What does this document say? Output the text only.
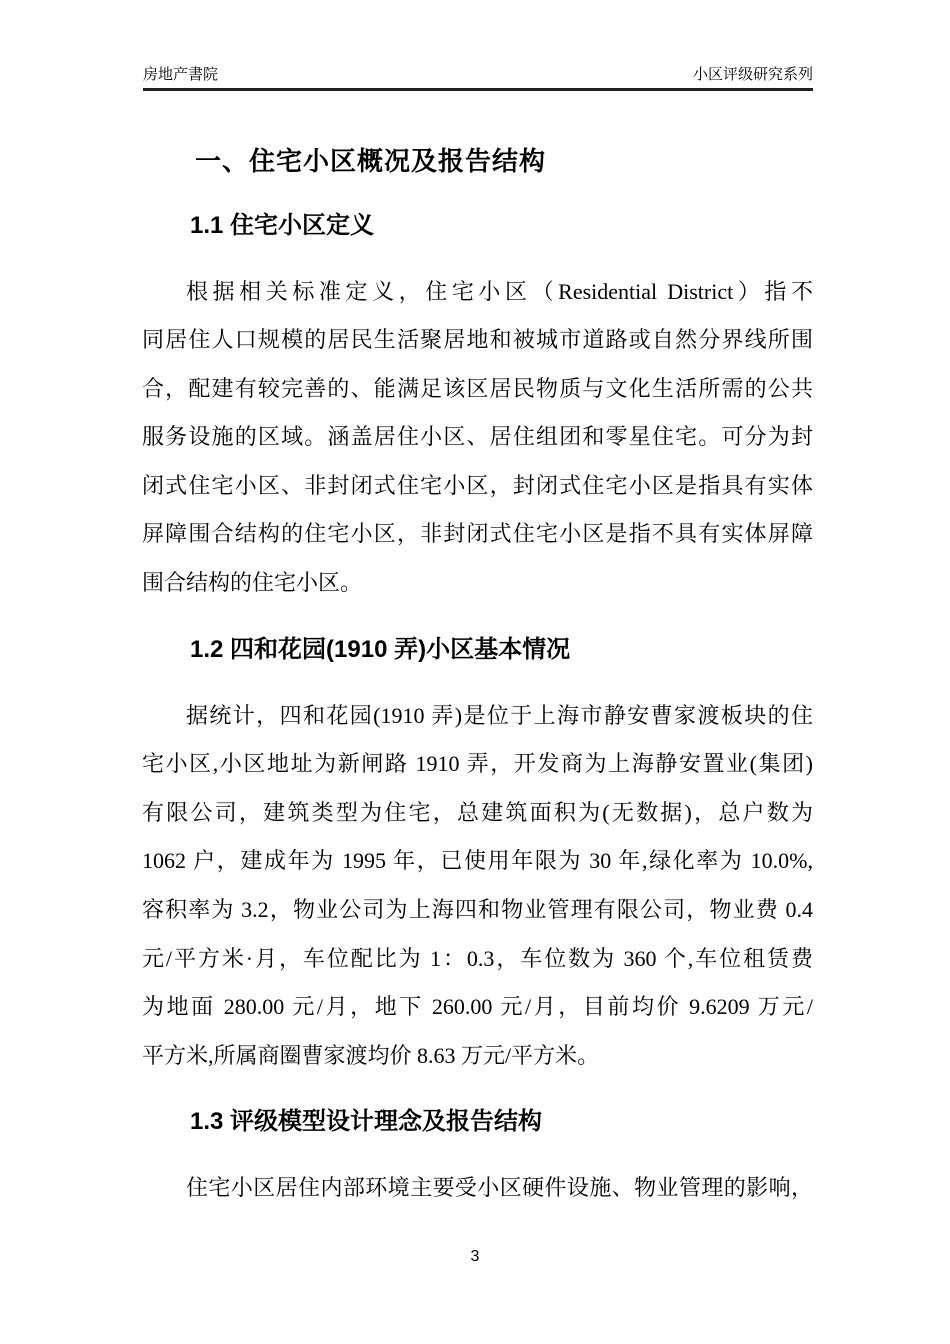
房地产書院	小区评级研究系列
一、住宅小区概况及报告结构
1.1 住宅小区定义
根据相关标准定义，住宅小区（Residential District）指不
同居住人口规模的居民生活聚居地和被城市道路或自然分界线所围
合，配建有较完善的、能满足该区居民物质与文化生活所需的公共
服务设施的区域。涵盖居住小区、居住组团和零星住宅。可分为封
闭式住宅小区、非封闭式住宅小区，封闭式住宅小区是指具有实体
屏障围合结构的住宅小区，非封闭式住宅小区是指不具有实体屏障
围合结构的住宅小区。
1.2 四和花园(1910 弄)小区基本情况
据统计，四和花园(1910 弄)是位于上海市静安曹家渡板块的住
宅小区,小区地址为新闸路 1910 弄，开发商为上海静安置业(集团)
有限公司，建筑类型为住宅，总建筑面积为(无数据)，总户数为
1062 户，建成年为 1995 年，已使用年限为 30 年,绿化率为 10.0%,
容积率为 3.2，物业公司为上海四和物业管理有限公司，物业费 0.4
元/平方米·月，车位配比为 1：0.3，车位数为 360 个,车位租赁费
为地面 280.00 元/月，地下 260.00 元/月，目前均价 9.6209 万元/
平方米,所属商圈曹家渡均价 8.63 万元/平方米。
1.3 评级模型设计理念及报告结构
住宅小区居住内部环境主要受小区硬件设施、物业管理的影响，
3
